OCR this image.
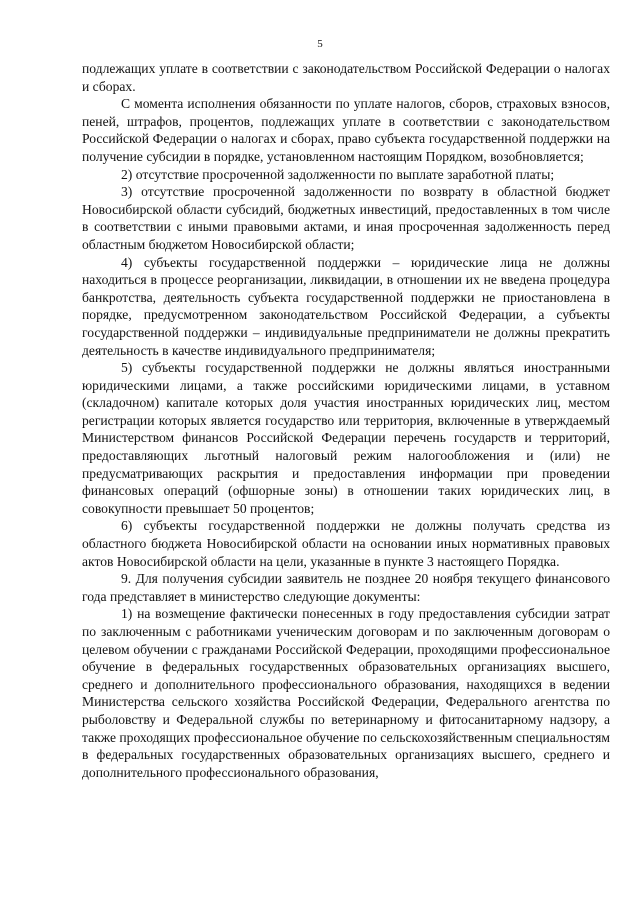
5

подлежащих уплате в соответствии с законодательством Российской Федерации о налогах и сборах.

С момента исполнения обязанности по уплате налогов, сборов, страховых взносов, пеней, штрафов, процентов, подлежащих уплате в соответствии с законодательством Российской Федерации о налогах и сборах, право субъекта государственной поддержки на получение субсидии в порядке, установленном настоящим Порядком, возобновляется;

2) отсутствие просроченной задолженности по выплате заработной платы;

3) отсутствие просроченной задолженности по возврату в областной бюджет Новосибирской области субсидий, бюджетных инвестиций, предоставленных в том числе в соответствии с иными правовыми актами, и иная просроченная задолженность перед областным бюджетом Новосибирской области;

4) субъекты государственной поддержки – юридические лица не должны находиться в процессе реорганизации, ликвидации, в отношении их не введена процедура банкротства, деятельность субъекта государственной поддержки не приостановлена в порядке, предусмотренном законодательством Российской Федерации, а субъекты государственной поддержки – индивидуальные предприниматели не должны прекратить деятельность в качестве индивидуального предпринимателя;

5) субъекты государственной поддержки не должны являться иностранными юридическими лицами, а также российскими юридическими лицами, в уставном (складочном) капитале которых доля участия иностранных юридических лиц, местом регистрации которых является государство или территория, включенные в утверждаемый Министерством финансов Российской Федерации перечень государств и территорий, предоставляющих льготный налоговый режим налогообложения и (или) не предусматривающих раскрытия и предоставления информации при проведении финансовых операций (офшорные зоны) в отношении таких юридических лиц, в совокупности превышает 50 процентов;

6) субъекты государственной поддержки не должны получать средства из областного бюджета Новосибирской области на основании иных нормативных правовых актов Новосибирской области на цели, указанные в пункте 3 настоящего Порядка.

9. Для получения субсидии заявитель не позднее 20 ноября текущего финансового года представляет в министерство следующие документы:

1) на возмещение фактически понесенных в году предоставления субсидии затрат по заключенным с работниками ученическим договорам и по заключенным договорам о целевом обучении с гражданами Российской Федерации, проходящими профессиональное обучение в федеральных государственных образовательных организациях высшего, среднего и дополнительного профессионального образования, находящихся в ведении Министерства сельского хозяйства Российской Федерации, Федерального агентства по рыболовству и Федеральной службы по ветеринарному и фитосанитарному надзору, а также проходящих профессиональное обучение по сельскохозяйственным специальностям в федеральных государственных образовательных организациях высшего, среднего и дополнительного профессионального образования,
